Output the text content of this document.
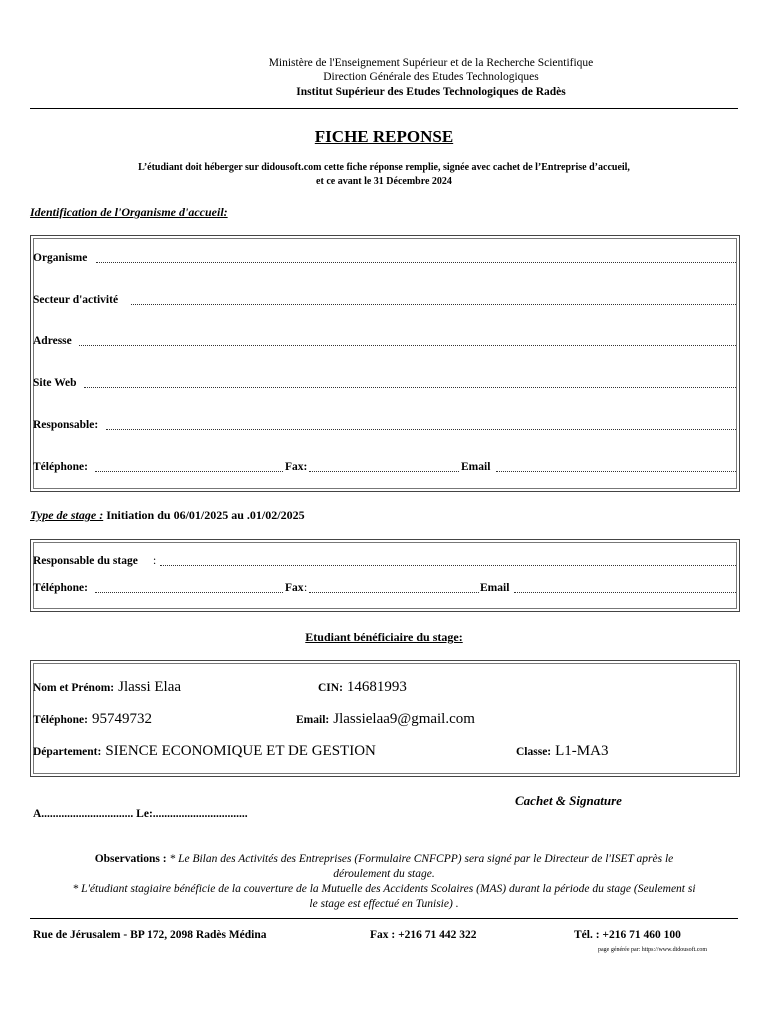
Ministère de l'Enseignement Supérieur et de la Recherche Scientifique
Direction Générale des Etudes Technologiques
Institut Supérieur des Etudes Technologiques de Radès
FICHE REPONSE
L’étudiant doit héberger sur didousoft.com cette fiche réponse remplie, signée avec cachet de l’Entreprise d’accueil,
et ce avant le 31 Décembre 2024
Identification de l'Organisme d'accueil:
Organisme
Secteur d'activité
Adresse
Site Web
Responsable:
Téléphone:	Fax:	Email
Type de stage : Initiation du 06/01/2025 au .01/02/2025
Responsable du stage :
Téléphone:	Fax :	Email
Etudiant bénéficiaire du stage:
Nom et Prénom: Jlassi Elaa	CIN: 14681993
Téléphone: 95749732	Email: Jlassielaa9@gmail.com
Département: SIENCE ECONOMIQUE ET DE GESTION	Classe: L1-MA3
Cachet & Signature
A................................ Le:.................................
Observations : * Le Bilan des Activités des Entreprises (Formulaire CNFCPP) sera signé par le Directeur de l'ISET après le
déroulement du stage.
* L'étudiant stagiaire bénéficie de la couverture de la Mutuelle des Accidents Scolaires (MAS) durant la période du stage (Seulement si
le stage est effectué en Tunisie) .
Rue de Jérusalem - BP 172, 2098 Radès Médina	Fax : +216 71 442 322	Tél. : +216 71 460 100
page générée par: https://www.didousoft.com
